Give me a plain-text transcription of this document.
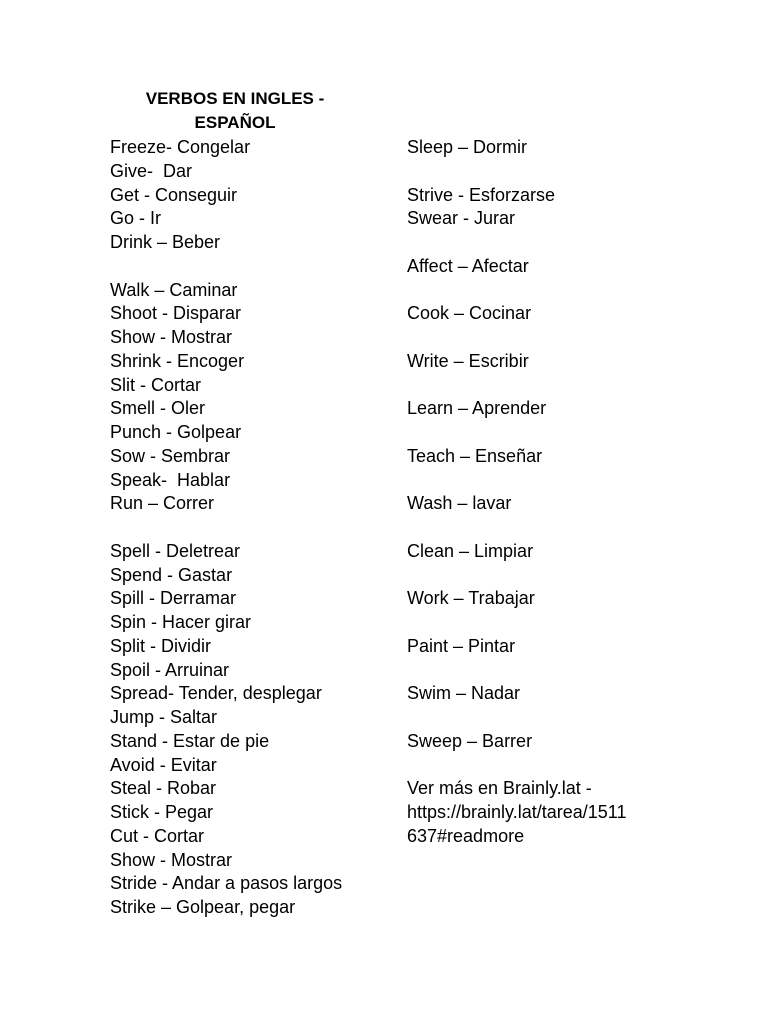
VERBOS EN INGLES -
ESPAÑOL
Freeze- Congelar
Give-  Dar
Get - Conseguir
Go - Ir
Drink – Beber
Walk – Caminar
Shoot - Disparar
Show - Mostrar
Shrink - Encoger
Slit - Cortar
Smell - Oler
Punch - Golpear
Sow - Sembrar
Speak-  Hablar
Run – Correr
Spell - Deletrear
Spend - Gastar
Spill - Derramar
Spin - Hacer girar
Split - Dividir
Spoil - Arruinar
Spread- Tender, desplegar
Jump - Saltar
Stand - Estar de pie
Avoid - Evitar
Steal - Robar
Stick - Pegar
Cut - Cortar
Show - Mostrar
Stride - Andar a pasos largos
Strike – Golpear, pegar
Sleep – Dormir
Strive - Esforzarse
Swear - Jurar
Affect – Afectar
Cook – Cocinar
Write – Escribir
Learn – Aprender
Teach – Enseñar
Wash – lavar
Clean – Limpiar
Work – Trabajar
Paint – Pintar
Swim – Nadar
Sweep – Barrer
Ver más en Brainly.lat -
https://brainly.lat/tarea/1511
637#readmore
